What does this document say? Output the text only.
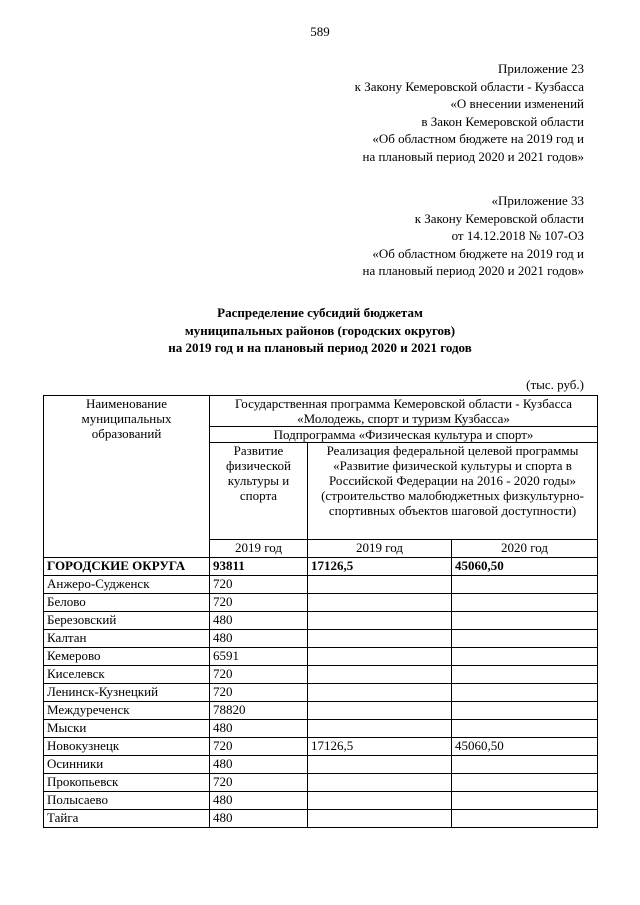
589
Приложение 23
к Закону Кемеровской области - Кузбасса
«О внесении изменений
в Закон Кемеровской области
«Об областном бюджете на 2019 год и
на плановый период 2020 и 2021 годов»
«Приложение 33
к Закону Кемеровской области
от 14.12.2018 № 107-ОЗ
«Об областном бюджете на 2019 год и
на плановый период 2020 и 2021 годов»
Распределение субсидий бюджетам
муниципальных районов (городских округов)
на 2019 год и на плановый период 2020 и 2021 годов
(тыс. руб.)
Наименование муниципальных образований	Государственная программа Кемеровской области - Кузбасса «Молодежь, спорт и туризм Кузбасса»		
	Подпрограмма «Физическая культура и спорт»		
	Развитие физической культуры и спорта	Реализация федеральной целевой программы «Развитие физической культуры и спорта в Российской Федерации на 2016 - 2020 годы» (строительство малобюджетных физкультурно-спортивных объектов шаговой доступности)	
	2019 год	2019 год	2020 год
ГОРОДСКИЕ ОКРУГА	93811	17126,5	45060,50
Анжеро-Судженск	720		
Белово	720		
Березовский	480		
Калтан	480		
Кемерово	6591		
Киселевск	720		
Ленинск-Кузнецкий	720		
Междуреченск	78820		
Мыски	480		
Новокузнецк	720	17126,5	45060,50
Осинники	480		
Прокопьевск	720		
Полысаево	480		
Тайга	480		
